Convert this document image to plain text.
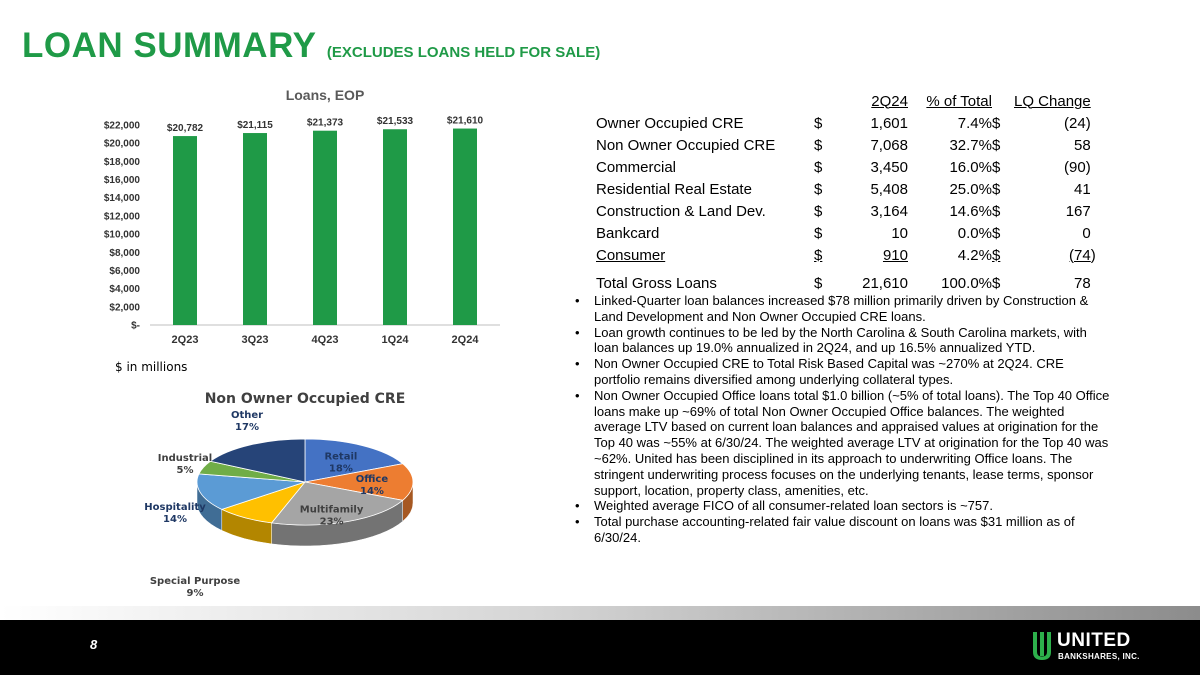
LOAN SUMMARY (EXCLUDES LOANS HELD FOR SALE)
Loans, EOP
$-
$2,000
$4,000
$6,000
$8,000
$10,000
$12,000
$14,000
$16,000
$18,000
$20,000
$22,000	$20,782
2Q23
$21,115
3Q23
$21,373
4Q23
$21,533
1Q24
$21,610
2Q24
$ in millions
Non Owner Occupied CRE
Retail
18%
Office
14%
Multifamily
23%
Special Purpose
9%
Hospitality
14%
Industrial
5%
Other
17%
		2Q24	% of Total		LQ Change	
Owner Occupied CRE	$	1,601	7.4%	$	(24)	
Non Owner Occupied CRE	$	7,068	32.7%	$	58	
Commercial	$	3,450	16.0%	$	(90)	
Residential Real Estate	$	5,408	25.0%	$	41	
Construction & Land Dev.	$	3,164	14.6%	$	167	
Bankcard	$	10	0.0%	$	0	
Consumer	$	910	4.2%	$	(74	)
Total Gross Loans	$	21,610	100.0%	$	78	
• Linked-Quarter loan balances increased $78 million primarily driven by Construction & Land Development and Non Owner Occupied CRE loans.
• Loan growth continues to be led by the North Carolina & South Carolina markets, with loan balances up 19.0% annualized in 2Q24, and up 16.5% annualized YTD.
• Non Owner Occupied CRE to Total Risk Based Capital was ~270% at 2Q24. CRE portfolio remains diversified among underlying collateral types.
• Non Owner Occupied Office loans total $1.0 billion (~5% of total loans). The Top 40 Office loans make up ~69% of total Non Owner Occupied Office balances. The weighted average LTV based on current loan balances and appraised values at origination for the Top 40 was ~55% at 6/30/24. The weighted average LTV at origination for the Top 40 was ~62%. United has been disciplined in its approach to underwriting Office loans. The stringent underwriting process focuses on the underlying tenants, lease terms, sponsor support, location, property class, amenities, etc.
• Weighted average FICO of all consumer-related loan sectors is ~757.
• Total purchase accounting-related fair value discount on loans was $31 million as of 6/30/24.
8	UNITED
BANKSHARES, INC.
